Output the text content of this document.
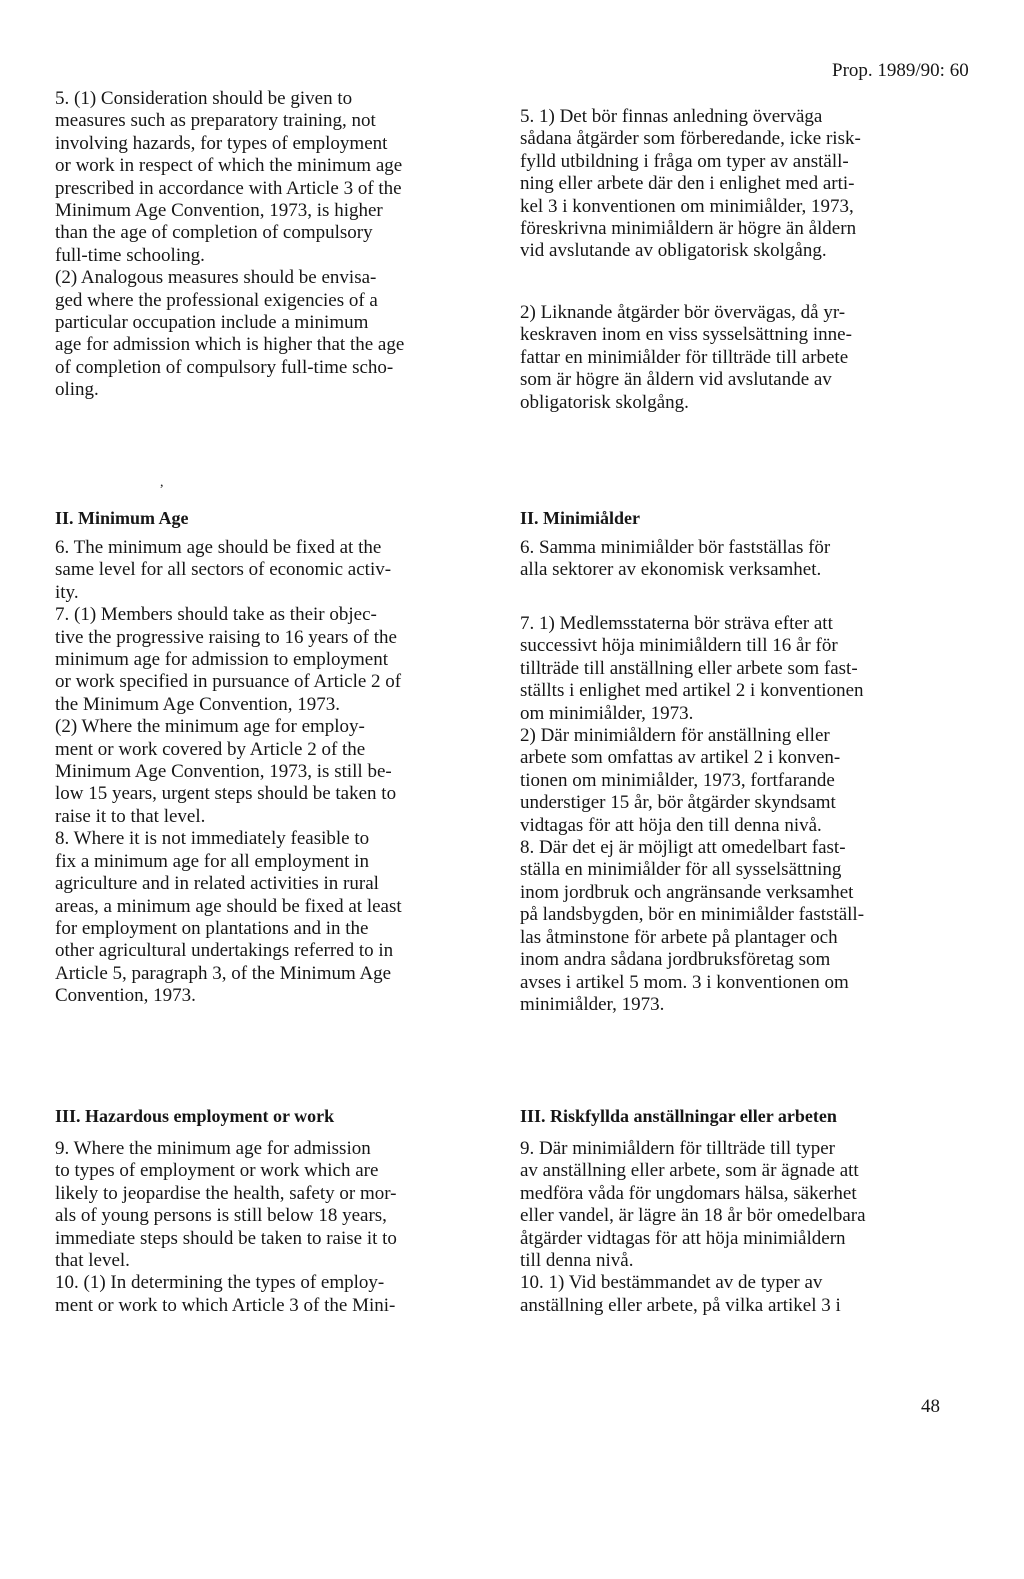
Prop. 1989/90: 60

5. (1) Consideration should be given to
measures such as preparatory training, not
involving hazards, for types of employment
or work in respect of which the minimum age
prescribed in accordance with Article 3 of the
Minimum Age Convention, 1973, is higher
than the age of completion of compulsory
full-time schooling.
(2) Analogous measures should be envisa-
ged where the professional exigencies of a
particular occupation include a minimum
age for admission which is higher that the age
of completion of compulsory full-time scho-
oling.

,
II. Minimum Age

6. The minimum age should be fixed at the
same level for all sectors of economic activ-
ity.
7. (1) Members should take as their objec-
tive the progressive raising to 16 years of the
minimum age for admission to employment
or work specified in pursuance of Article 2 of
the Minimum Age Convention, 1973.
(2) Where the minimum age for employ-
ment or work covered by Article 2 of the
Minimum Age Convention, 1973, is still be-
low 15 years, urgent steps should be taken to
raise it to that level.
8. Where it is not immediately feasible to
fix a minimum age for all employment in
agriculture and in related activities in rural
areas, a minimum age should be fixed at least
for employment on plantations and in the
other agricultural undertakings referred to in
Article 5, paragraph 3, of the Minimum Age
Convention, 1973.

III. Hazardous employment or work

9. Where the minimum age for admission
to types of employment or work which are
likely to jeopardise the health, safety or mor-
als of young persons is still below 18 years,
immediate steps should be taken to raise it to
that level.
10. (1) In determining the types of employ-
ment or work to which Article 3 of the Mini-

5. 1) Det bör finnas anledning överväga
sådana åtgärder som förberedande, icke risk-
fylld utbildning i fråga om typer av anställ-
ning eller arbete där den i enlighet med arti-
kel 3 i konventionen om minimiålder, 1973,
föreskrivna minimiåldern är högre än åldern
vid avslutande av obligatorisk skolgång.

2) Liknande åtgärder bör övervägas, då yr-
keskraven inom en viss sysselsättning inne-
fattar en minimiålder för tillträde till arbete
som är högre än åldern vid avslutande av
obligatorisk skolgång.

II. Minimiålder

6. Samma minimiålder bör fastställas för
alla sektorer av ekonomisk verksamhet.

7. 1) Medlemsstaterna bör sträva efter att
successivt höja minimiåldern till 16 år för
tillträde till anställning eller arbete som fast-
ställts i enlighet med artikel 2 i konventionen
om minimiålder, 1973.
2) Där minimiåldern för anställning eller
arbete som omfattas av artikel 2 i konven-
tionen om minimiålder, 1973, fortfarande
understiger 15 år, bör åtgärder skyndsamt
vidtagas för att höja den till denna nivå.
8. Där det ej är möjligt att omedelbart fast-
ställa en minimiålder för all sysselsättning
inom jordbruk och angränsande verksamhet
på landsbygden, bör en minimiålder fastställ-
las åtminstone för arbete på plantager och
inom andra sådana jordbruksföretag som
avses i artikel 5 mom. 3 i konventionen om
minimiålder, 1973.

III. Riskfyllda anställningar eller arbeten

9. Där minimiåldern för tillträde till typer
av anställning eller arbete, som är ägnade att
medföra våda för ungdomars hälsa, säkerhet
eller vandel, är lägre än 18 år bör omedelbara
åtgärder vidtagas för att höja minimiåldern
till denna nivå.
10. 1) Vid bestämmandet av de typer av
anställning eller arbete, på vilka artikel 3 i

48
